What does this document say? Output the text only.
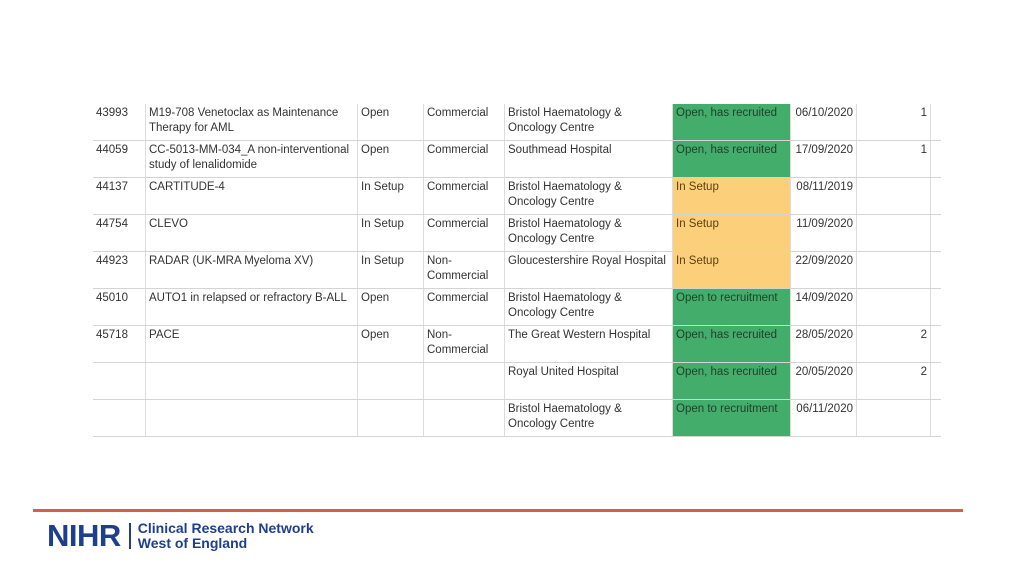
43993	M19-708 Venetoclax as Maintenance Therapy for AML	Open	Commercial	Bristol Haematology & Oncology Centre	Open, has recruited	06/10/2020	1	
44059	CC-5013-MM-034_A non-interventional study of lenalidomide	Open	Commercial	Southmead Hospital	Open, has recruited	17/09/2020	1	
44137	CARTITUDE-4	In Setup	Commercial	Bristol Haematology & Oncology Centre	In Setup	08/11/2019		
44754	CLEVO	In Setup	Commercial	Bristol Haematology & Oncology Centre	In Setup	11/09/2020		
44923	RADAR (UK-MRA Myeloma XV)	In Setup	Non-Commercial	Gloucestershire Royal Hospital	In Setup	22/09/2020		
45010	AUTO1 in relapsed or refractory B-ALL	Open	Commercial	Bristol Haematology & Oncology Centre	Open to recruitment	14/09/2020		
45718	PACE	Open	Non-Commercial	The Great Western Hospital	Open, has recruited	28/05/2020	2	
				Royal United Hospital	Open, has recruited	20/05/2020	2	
				Bristol Haematology & Oncology Centre	Open to recruitment	06/11/2020		
NIHR Clinical Research Network
West of England
